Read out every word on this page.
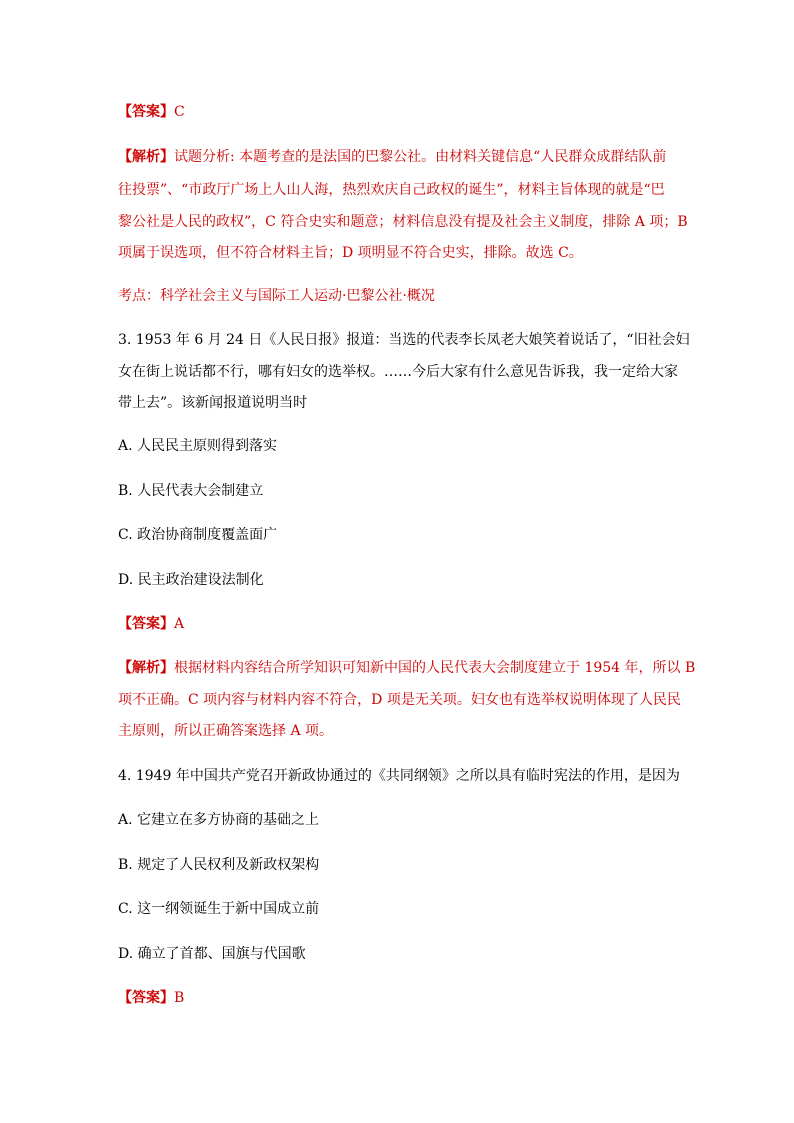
【答案】C
【解析】试题分析: 本题考查的是法国的巴黎公社。由材料关键信息“人民群众成群结队前
往投票”、“市政厅广场上人山人海，热烈欢庆自己政权的诞生”，材料主旨体现的就是“巴
黎公社是人民的政权”，C 符合史实和题意；材料信息没有提及社会主义制度，排除 A 项；B
项属于误选项，但不符合材料主旨；D 项明显不符合史实，排除。故选 C。
考点：科学社会主义与国际工人运动·巴黎公社·概况
3. 1953 年 6 月 24 日《人民日报》报道：当选的代表李长凤老大娘笑着说话了，“旧社会妇
女在街上说话都不行，哪有妇女的选举权。……今后大家有什么意见告诉我，我一定给大家
带上去”。该新闻报道说明当时
A. 人民民主原则得到落实
B. 人民代表大会制建立
C. 政治协商制度覆盖面广
D. 民主政治建设法制化
【答案】A
【解析】根据材料内容结合所学知识可知新中国的人民代表大会制度建立于 1954 年，所以 B
项不正确。C 项内容与材料内容不符合，D 项是无关项。妇女也有选举权说明体现了人民民
主原则，所以正确答案选择 A 项。
4. 1949 年中国共产党召开新政协通过的《共同纲领》之所以具有临时宪法的作用，是因为
A. 它建立在多方协商的基础之上
B. 规定了人民权利及新政权架构
C. 这一纲领诞生于新中国成立前
D. 确立了首都、国旗与代国歌
【答案】B
